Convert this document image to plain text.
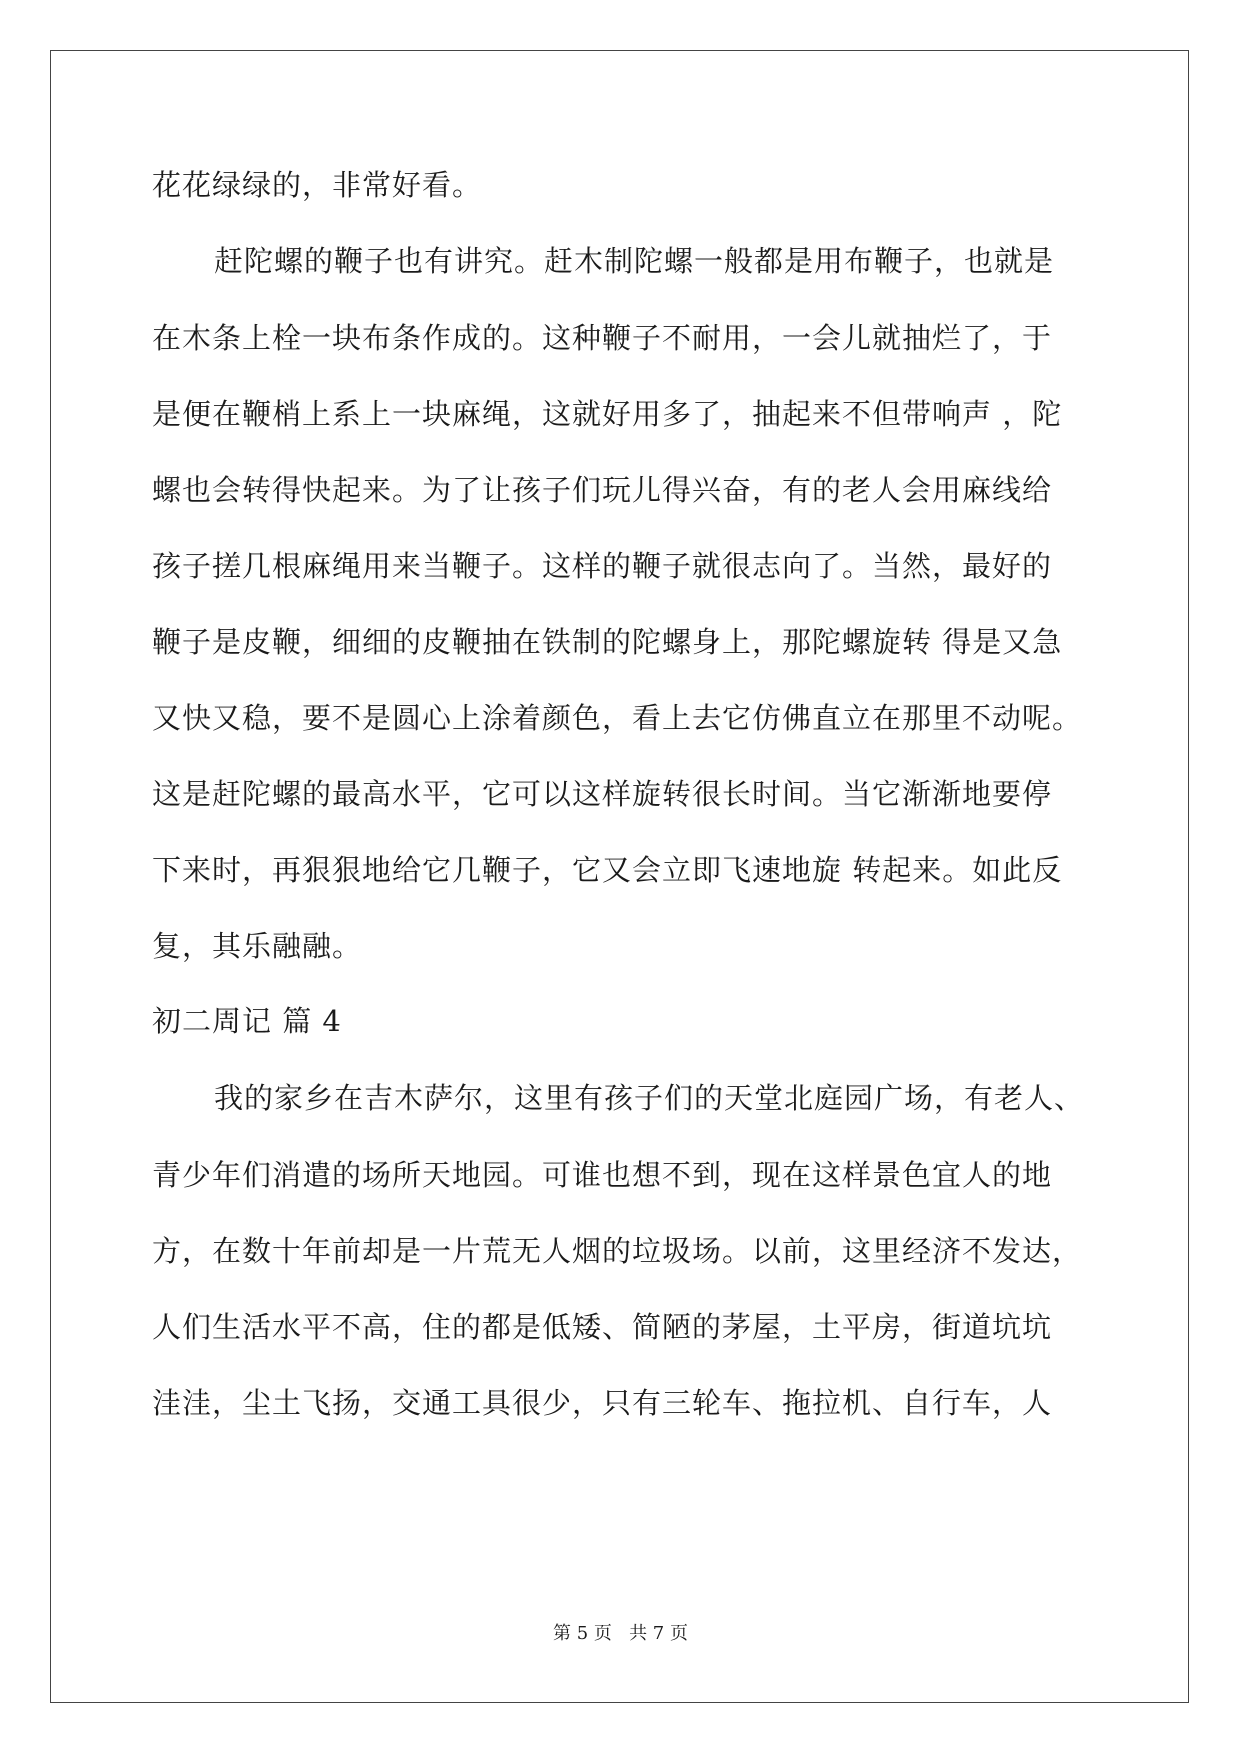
花花绿绿的，非常好看。
赶陀螺的鞭子也有讲究。赶木制陀螺一般都是用布鞭子，也就是
在木条上栓一块布条作成的。这种鞭子不耐用，一会儿就抽烂了，于
是便在鞭梢上系上一块麻绳，这就好用多了，抽起来不但带响声 ，陀
螺也会转得快起来。为了让孩子们玩儿得兴奋，有的老人会用麻线给
孩子搓几根麻绳用来当鞭子。这样的鞭子就很志向了。当然，最好的
鞭子是皮鞭，细细的皮鞭抽在铁制的陀螺身上，那陀螺旋转 得是又急
又快又稳，要不是圆心上涂着颜色，看上去它仿佛直立在那里不动呢。
这是赶陀螺的最高水平，它可以这样旋转很长时间。当它渐渐地要停
下来时，再狠狠地给它几鞭子，它又会立即飞速地旋 转起来。如此反
复，其乐融融。
初二周记 篇 4
我的家乡在吉木萨尔，这里有孩子们的天堂北庭园广场，有老人、
青少年们消遣的场所天地园。可谁也想不到，现在这样景色宜人的地
方，在数十年前却是一片荒无人烟的垃圾场。以前，这里经济不发达，
人们生活水平不高，住的都是低矮、简陋的茅屋，土平房，街道坑坑
洼洼，尘土飞扬，交通工具很少，只有三轮车、拖拉机、自行车，人
第 5 页   共 7 页
